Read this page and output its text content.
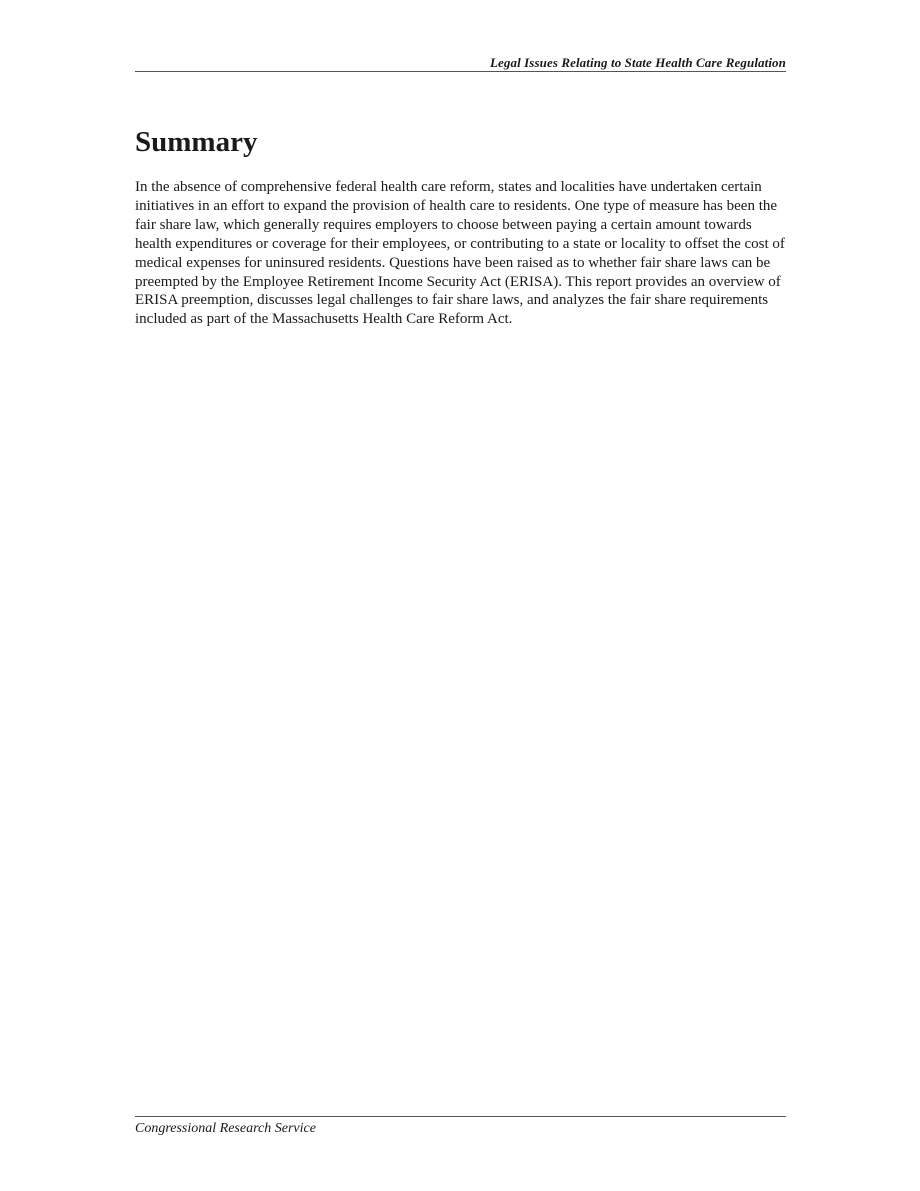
Legal Issues Relating to State Health Care Regulation
Summary

In the absence of comprehensive federal health care reform, states and localities have undertaken certain initiatives in an effort to expand the provision of health care to residents. One type of measure has been the fair share law, which generally requires employers to choose between paying a certain amount towards health expenditures or coverage for their employees, or contributing to a state or locality to offset the cost of medical expenses for uninsured residents. Questions have been raised as to whether fair share laws can be preempted by the Employee Retirement Income Security Act (ERISA). This report provides an overview of ERISA preemption, discusses legal challenges to fair share laws, and analyzes the fair share requirements included as part of the Massachusetts Health Care Reform Act.

Congressional Research Service
